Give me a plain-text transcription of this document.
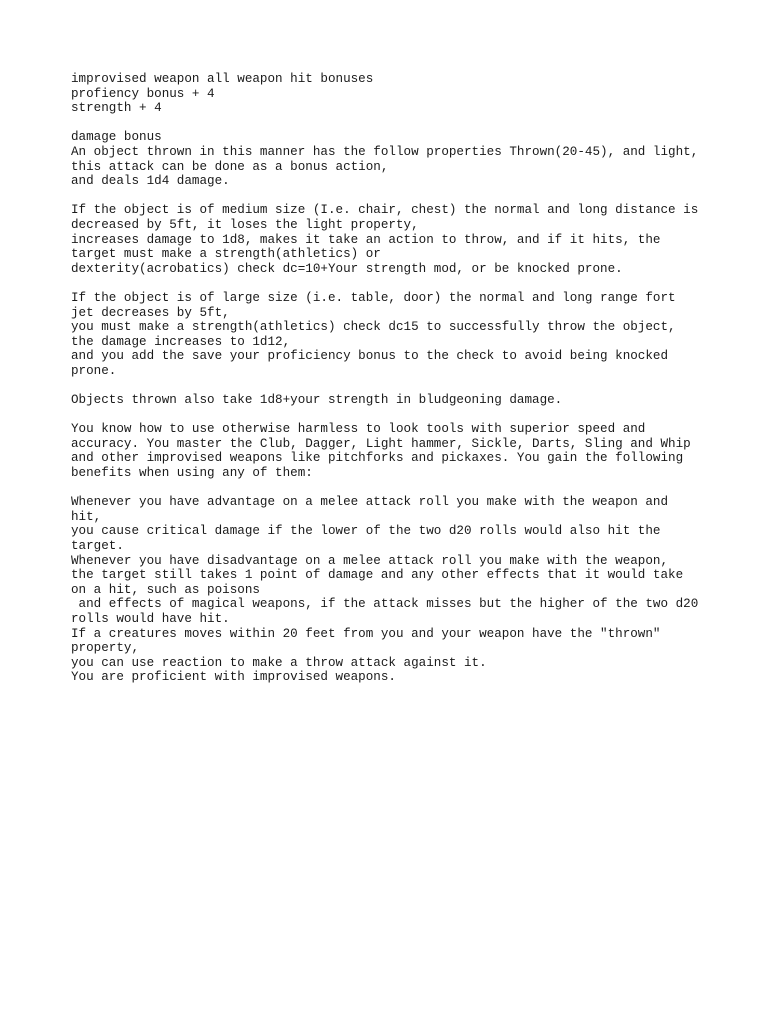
improvised weapon all weapon hit bonuses
profiency bonus + 4
strength + 4
damage bonus
An object thrown in this manner has the follow properties Thrown(20-45), and light,
this attack can be done as a bonus action,
and deals 1d4 damage.
If the object is of medium size (I.e. chair, chest) the normal and long distance is
decreased by 5ft, it loses the light property,
increases damage to 1d8, makes it take an action to throw, and if it hits, the
target must make a strength(athletics) or
dexterity(acrobatics) check dc=10+Your strength mod, or be knocked prone.
If the object is of large size (i.e. table, door) the normal and long range fort
jet decreases by 5ft,
you must make a strength(athletics) check dc15 to successfully throw the object,
the damage increases to 1d12,
and you add the save your proficiency bonus to the check to avoid being knocked
prone.
Objects thrown also take 1d8+your strength in bludgeoning damage.
You know how to use otherwise harmless to look tools with superior speed and
accuracy. You master the Club, Dagger, Light hammer, Sickle, Darts, Sling and Whip
and other improvised weapons like pitchforks and pickaxes. You gain the following
benefits when using any of them:
Whenever you have advantage on a melee attack roll you make with the weapon and
hit,
you cause critical damage if the lower of the two d20 rolls would also hit the
target.
Whenever you have disadvantage on a melee attack roll you make with the weapon,
the target still takes 1 point of damage and any other effects that it would take
on a hit, such as poisons
and effects of magical weapons, if the attack misses but the higher of the two d20
rolls would have hit.
If a creatures moves within 20 feet from you and your weapon have the "thrown"
property,
you can use reaction to make a throw attack against it.
You are proficient with improvised weapons.
